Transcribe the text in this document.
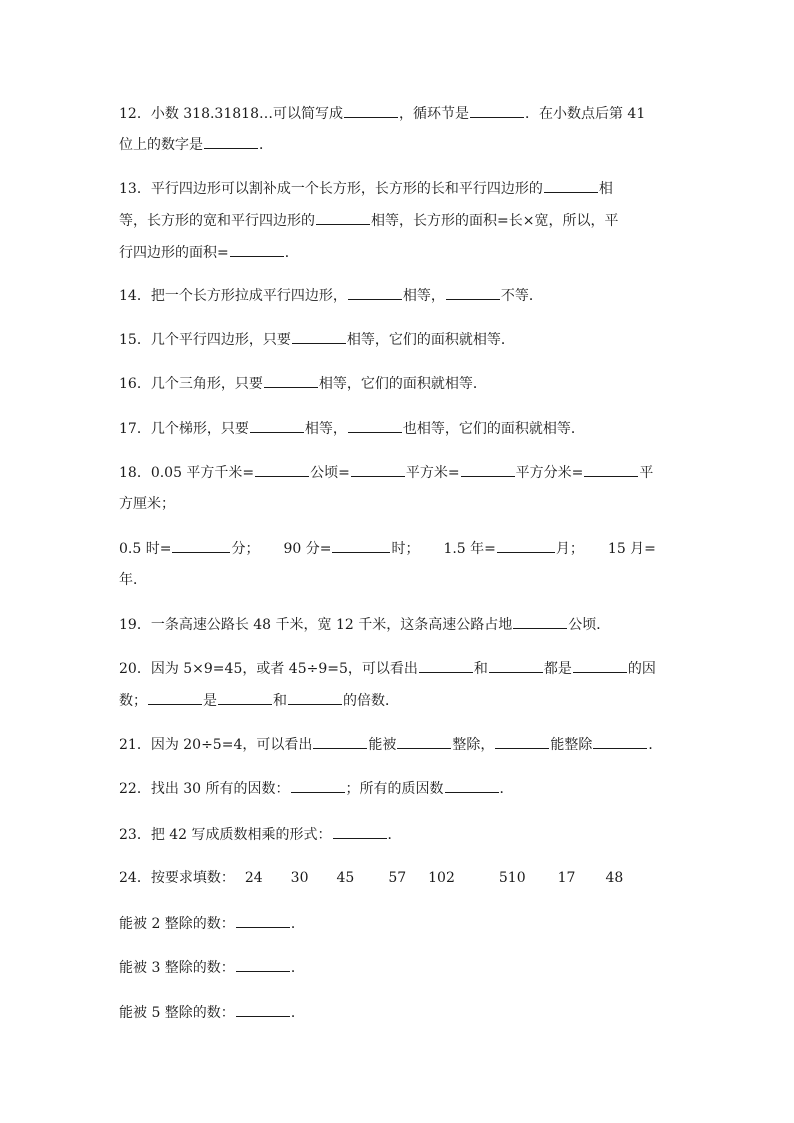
12．小数 318.31818…可以简写成	，循环节是	．在小数点后第 41
位上的数字是	．
13．平行四边形可以割补成一个长方形，长方形的长和平行四边形的	相
等，长方形的宽和平行四边形的	相等，长方形的面积=长×宽，所以，平
行四边形的面积=	．
14．把一个长方形拉成平行四边形，	相等，	不等．
15．几个平行四边形，只要	相等，它们的面积就相等．
16．几个三角形，只要	相等，它们的面积就相等．
17．几个梯形，只要	相等，	也相等，它们的面积就相等．
18．0.05 平方千米=	公顷=	平方米=	平方分米=	平
方厘米；
0.5 时=	分； 90 分=	时； 1.5 年=	月； 15 月=
年．
19．一条高速公路长 48 千米，宽 12 千米，这条高速公路占地	公顷．
20．因为 5×9=45，或者 45÷9=5，可以看出	和	都是	的因
数；	是	和	的倍数．
21．因为 20÷5=4，可以看出	能被	整除，	能整除	．
22．找出 30 所有的因数：	；所有的质因数	．
23．把 42 写成质数相乘的形式：	．
24．按要求填数： 24 30 45 57 102	510 17 48
能被 2 整除的数：	．
能被 3 整除的数：	．
能被 5 整除的数：	．
